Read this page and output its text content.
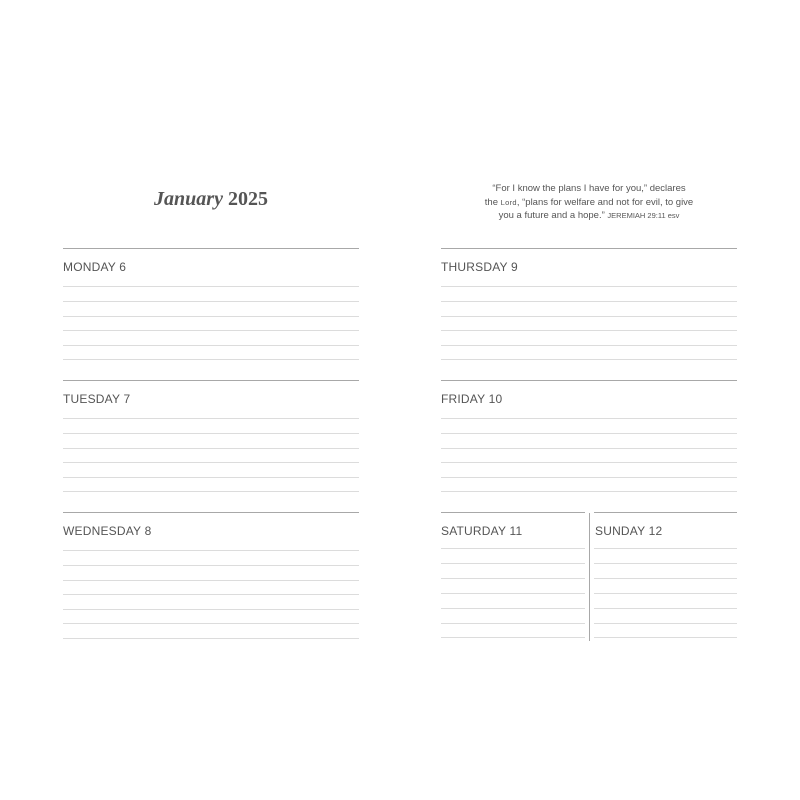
January 2025
MONDAY 6
TUESDAY 7
WEDNESDAY 8

“For I know the plans I have for you,” declares
the Lord, “plans for welfare and not for evil, to give
you a future and a hope.” JEREMIAH 29:11 esv

THURSDAY 9
FRIDAY 10
SATURDAY 11	SUNDAY 12
